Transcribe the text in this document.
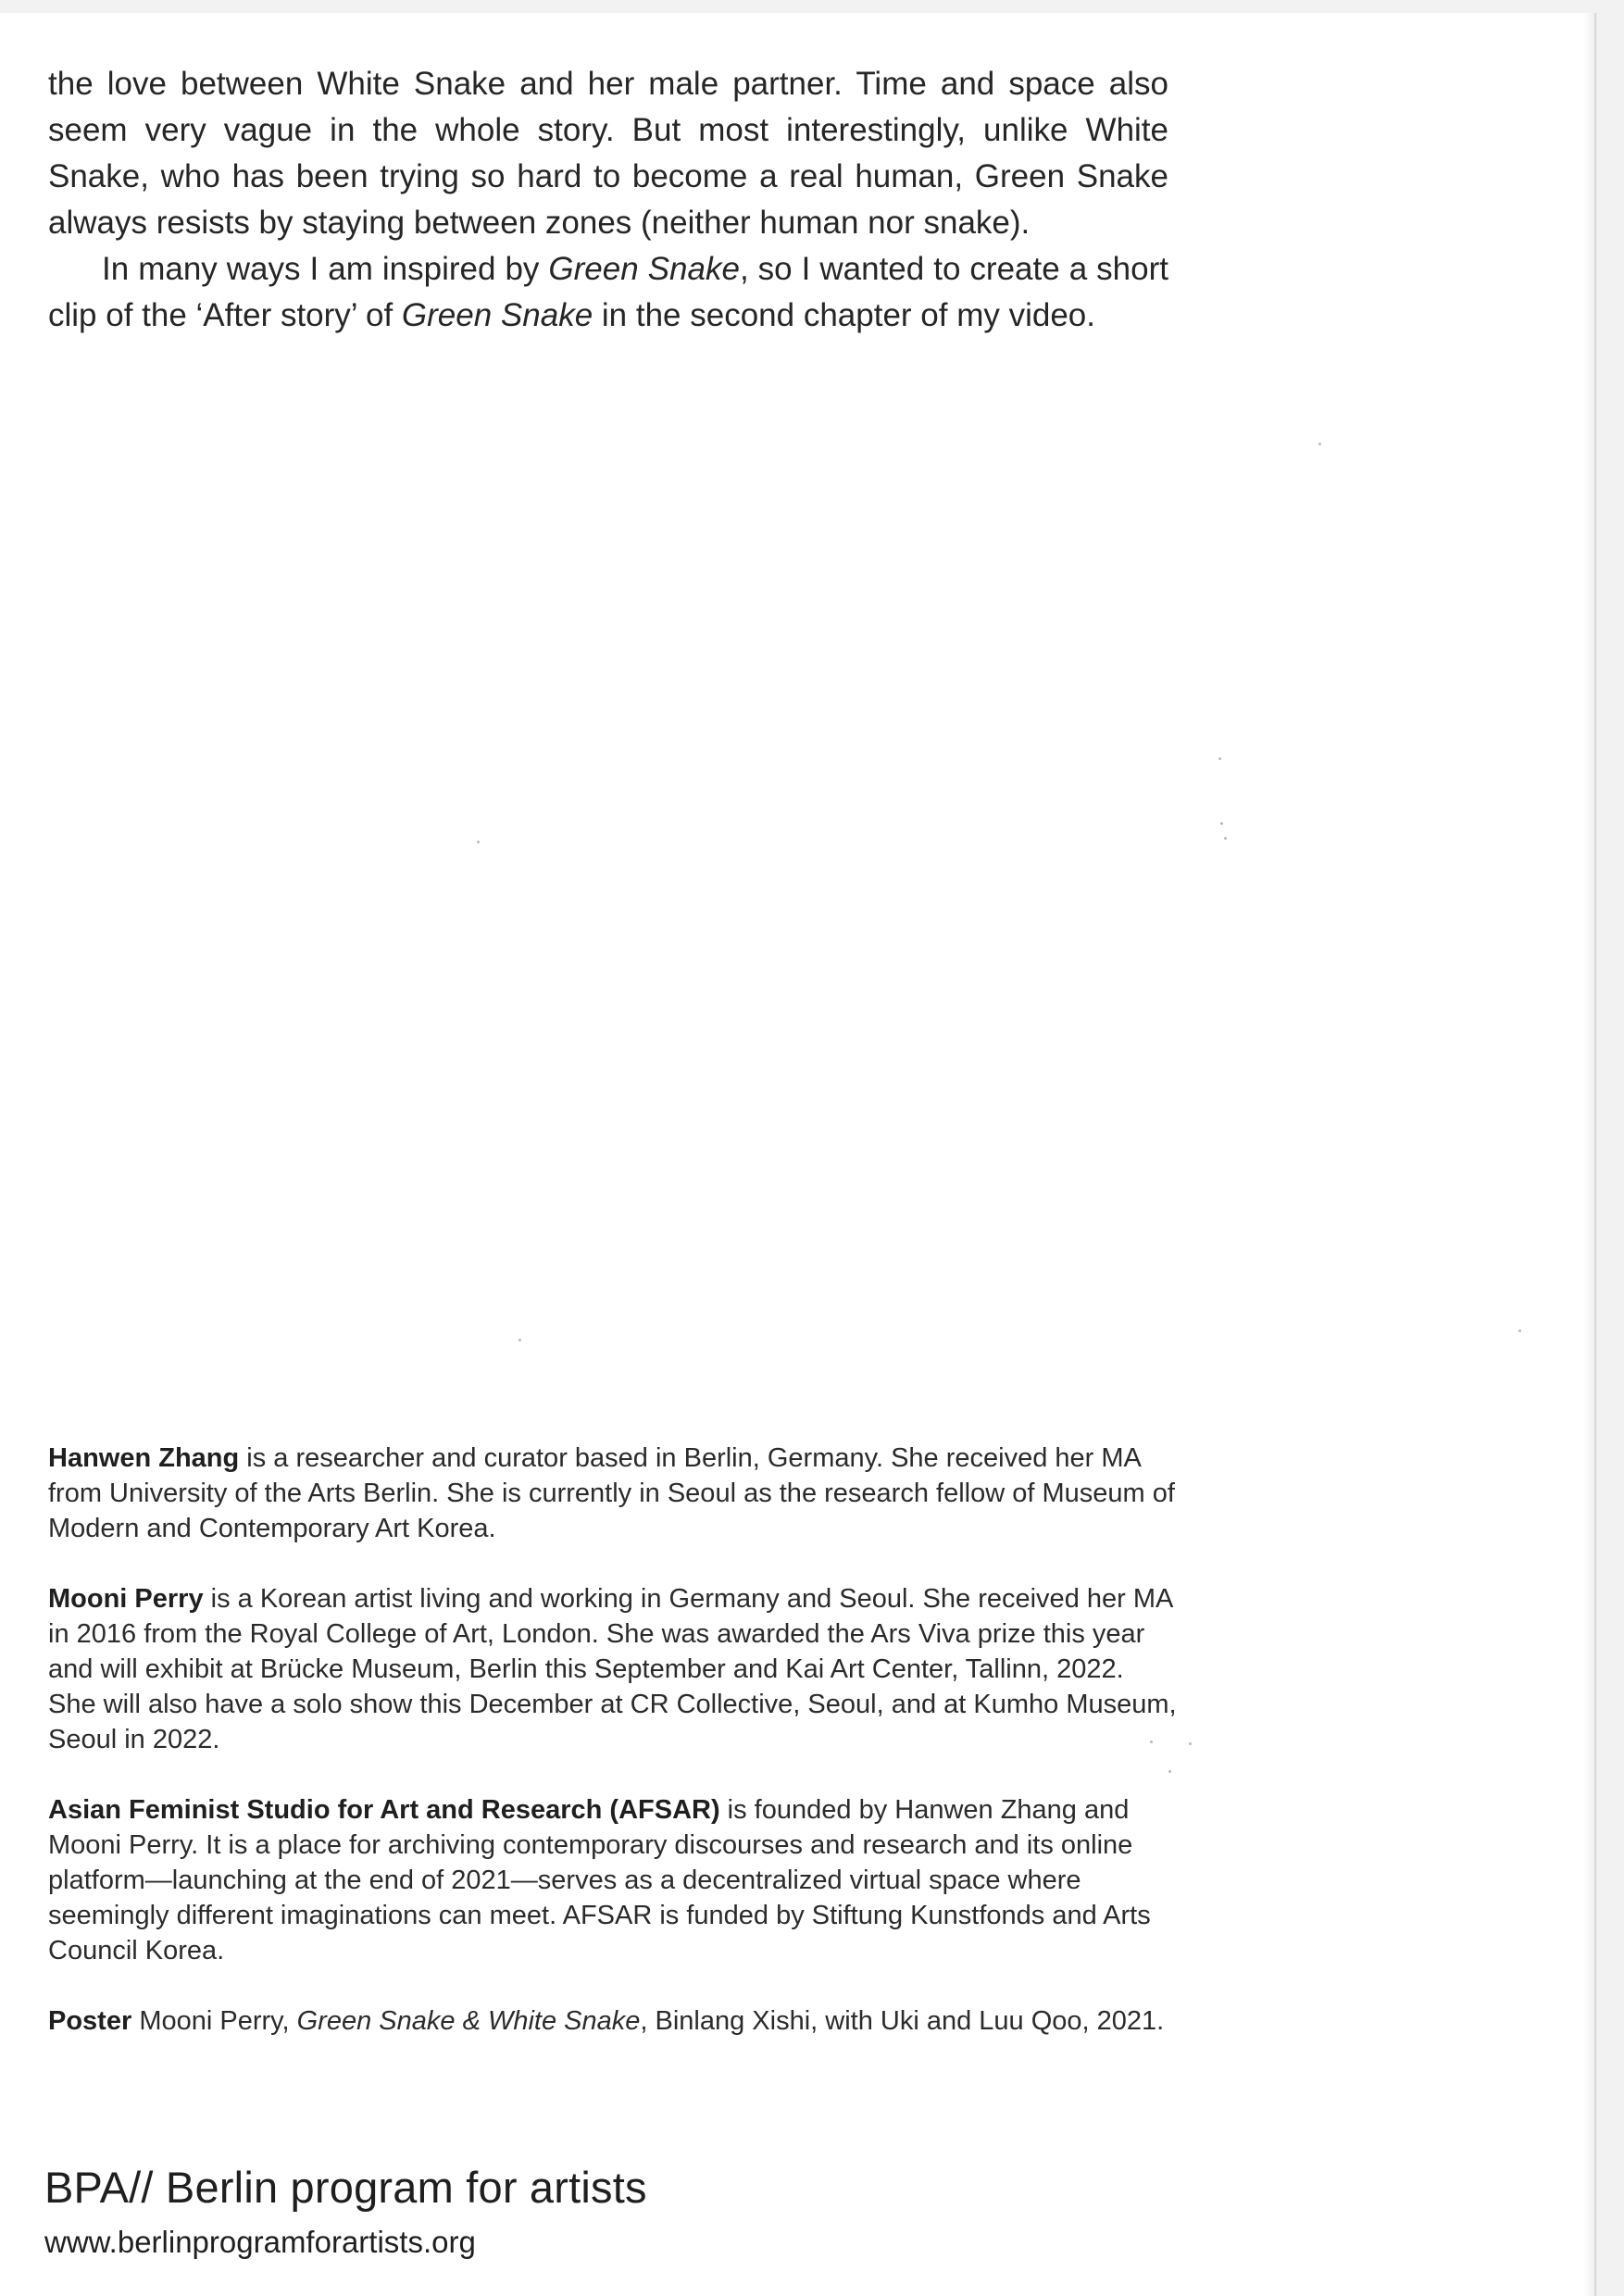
the love between White Snake and her male partner. Time and space also seem very vague in the whole story. But most interestingly, unlike White Snake, who has been trying so hard to become a real human, Green Snake always resists by staying between zones (neither human nor snake).

In many ways I am inspired by Green Snake, so I wanted to create a short clip of the ‘After story’ of Green Snake in the second chapter of my video.

Hanwen Zhang is a researcher and curator based in Berlin, Germany. She received her MA from University of the Arts Berlin. She is currently in Seoul as the research fellow of Museum of Modern and Contemporary Art Korea.

Mooni Perry is a Korean artist living and working in Germany and Seoul. She received her MA in 2016 from the Royal College of Art, London. She was awarded the Ars Viva prize this year and will exhibit at Brücke Museum, Berlin this September and Kai Art Center, Tallinn, 2022. She will also have a solo show this December at CR Collective, Seoul, and at Kumho Museum, Seoul in 2022.

Asian Feminist Studio for Art and Research (AFSAR) is founded by Hanwen Zhang and Mooni Perry. It is a place for archiving contemporary discourses and research and its online platform—launching at the end of 2021—serves as a decentralized virtual space where seemingly different imaginations can meet. AFSAR is funded by Stiftung Kunstfonds and Arts Council Korea.

Poster Mooni Perry, Green Snake & White Snake, Binlang Xishi, with Uki and Luu Qoo, 2021.

BPA// Berlin program for artists
www.berlinprogramforartists.org
